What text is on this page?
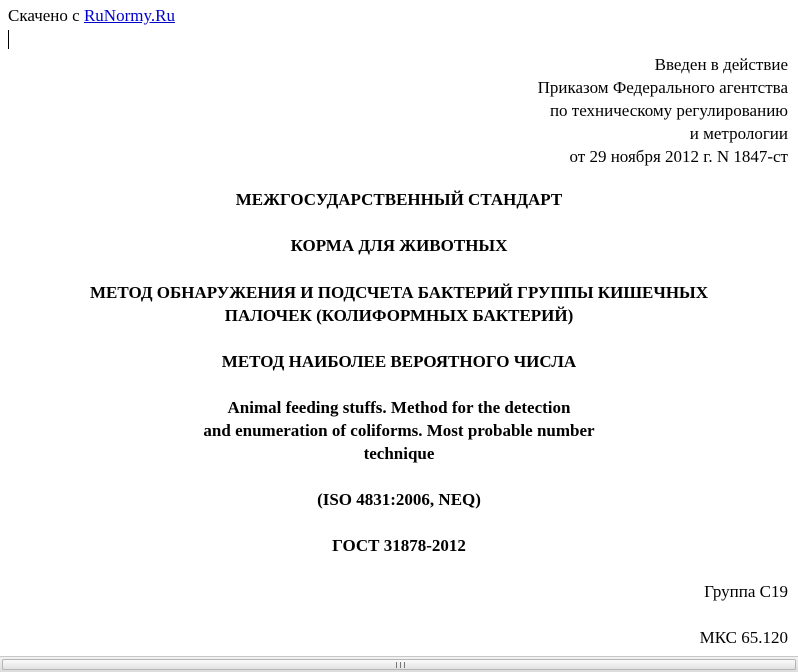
Скачено с RuNormy.Ru
Введен в действие
Приказом Федерального агентства
по техническому регулированию
и метрологии
от 29 ноября 2012 г. N 1847-ст
МЕЖГОСУДАРСТВЕННЫЙ СТАНДАРТ
КОРМА ДЛЯ ЖИВОТНЫХ
МЕТОД ОБНАРУЖЕНИЯ И ПОДСЧЕТА БАКТЕРИЙ ГРУППЫ КИШЕЧНЫХ
ПАЛОЧЕК (КОЛИФОРМНЫХ БАКТЕРИЙ)
МЕТОД НАИБОЛЕЕ ВЕРОЯТНОГО ЧИСЛА
Animal feeding stuffs. Method for the detection
and enumeration of coliforms. Most probable number
technique
(ISO 4831:2006, NEQ)
ГОСТ 31878-2012
Группа С19
МКС 65.120
